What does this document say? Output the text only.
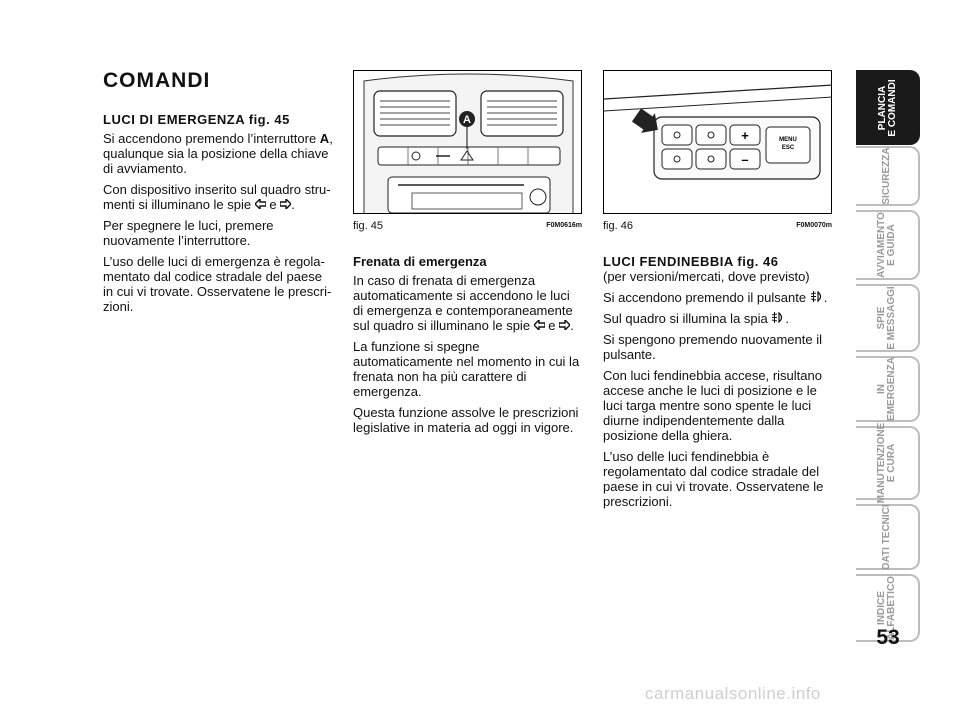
COMANDI
LUCI DI EMERGENZA fig. 45

Si accendono premendo l’interruttore A, qualunque sia la posizione della chiave di avviamento.

Con dispositivo inserito sul quadro strumenti si illuminano le spie  e .

Per spegnere le luci, premere nuovamente l’interruttore.

L’uso delle luci di emergenza è regolamentato dal codice stradale del paese in cui vi trovate. Osservatene le prescrizioni.

A
fig. 45	F0M0616m
+
–
MENU
ESC
fig. 46	F0M0070m
Frenata di emergenza

In caso di frenata di emergenza automaticamente si accendono le luci di emergenza e contemporaneamente sul quadro si illuminano le spie  e .

La funzione si spegne automaticamente nel momento in cui la frenata non ha più carattere di emergenza.

Questa funzione assolve le prescrizioni legislative in materia ad oggi in vigore.

LUCI FENDINEBBIA fig. 46

(per versioni/mercati, dove previsto)

Si accendono premendo il pulsante .

Sul quadro si illumina la spia .

Si spengono premendo nuovamente il pulsante.

Con luci fendinebbia accese, risultano accese anche le luci di posizione e le luci targa mentre sono spente le luci diurne indipendentemente dalla posizione della ghiera.

L’uso delle luci fendinebbia è regolamentato dal codice stradale del paese in cui vi trovate. Osservatene le prescrizioni.

PLANCIA
E COMANDI
SICUREZZA
AVVIAMENTO
E GUIDA
SPIE
E MESSAGGI
IN
EMERGENZA
MANUTENZIONE
E CURA
DATI TECNICI
INDICE
ALFABETICO
53
carmanualsonline.info
